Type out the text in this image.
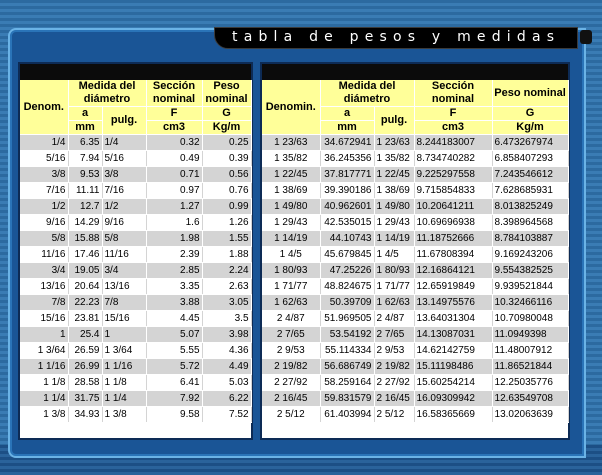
tabla de pesos y medidas
Denom.	Medida del diámetro		Sección nominal	Peso nominal
	a	pulg.	F	G
	mm		cm3	Kg/m
1/4	6.35	1/4	0.32	0.25
5/16	7.94	5/16	0.49	0.39
3/8	9.53	3/8	0.71	0.56
7/16	11.11	7/16	0.97	0.76
1/2	12.7	1/2	1.27	0.99
9/16	14.29	9/16	1.6	1.26
5/8	15.88	5/8	1.98	1.55
11/16	17.46	11/16	2.39	1.88
3/4	19.05	3/4	2.85	2.24
13/16	20.64	13/16	3.35	2.63
7/8	22.23	7/8	3.88	3.05
15/16	23.81	15/16	4.45	3.5
1	25.4	1	5.07	3.98
1 3/64	26.59	1 3/64	5.55	4.36
1 1/16	26.99	1 1/16	5.72	4.49
1 1/8	28.58	1 1/8	6.41	5.03
1 1/4	31.75	1 1/4	7.92	6.22
1 3/8	34.93	1 3/8	9.58	7.52
Denomin.	Medida del diámetro		Sección nominal	Peso nominal
	a	pulg.	F	G
	mm		cm3	Kg/m
1 23/63	34.672941	1 23/63	8.244183007	6.473267974
1 35/82	36.245356	1 35/82	8.734740282	6.858407293
1 22/45	37.817771	1 22/45	9.225297558	7.243546612
1 38/69	39.390186	1 38/69	9.715854833	7.628685931
1 49/80	40.962601	1 49/80	10.20641211	8.013825249
1 29/43	42.535015	1 29/43	10.69696938	8.398964568
1 14/19	44.10743	1 14/19	11.18752666	8.784103887
1 4/5	45.679845	1 4/5	11.67808394	9.169243206
1 80/93	47.25226	1 80/93	12.16864121	9.554382525
1 71/77	48.824675	1 71/77	12.65919849	9.939521844
1 62/63	50.39709	1 62/63	13.14975576	10.32466116
2 4/87	51.969505	2 4/87	13.64031304	10.70980048
2 7/65	53.54192	2 7/65	14.13087031	11.0949398
2 9/53	55.114334	2 9/53	14.62142759	11.48007912
2 19/82	56.686749	2 19/82	15.11198486	11.86521844
2 27/92	58.259164	2 27/92	15.60254214	12.25035776
2 16/45	59.831579	2 16/45	16.09309942	12.63549708
2 5/12	61.403994	2 5/12	16.58365669	13.02063639
